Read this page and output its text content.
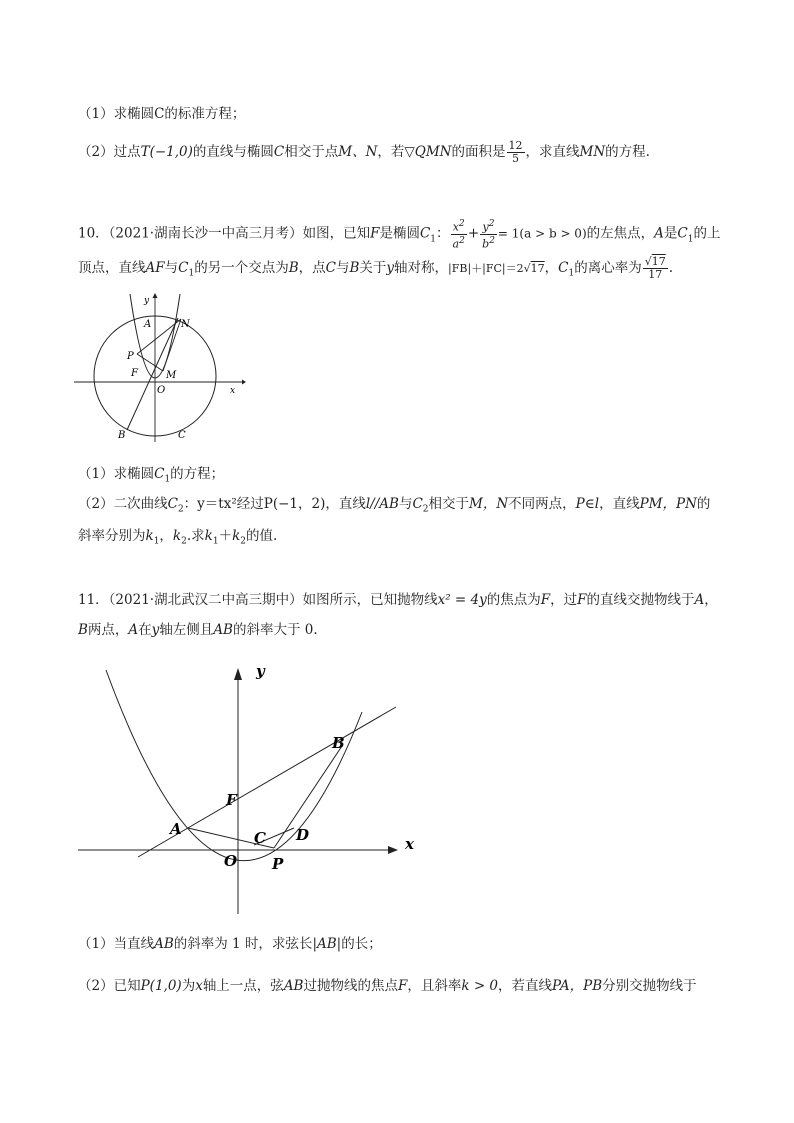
（1）求椭圆C的标准方程；
（2）过点T(−1,0)的直线与椭圆C相交于点M、N，若▽QMN的面积是 $\frac{12}{5}$ ，求直线MN的方程.
10．（2021·湖南长沙一中高三月考）如图，已知F是椭圆$C_1$： $\frac{x^2}{a^2} + \frac{y^2}{b^2} = 1(a > b > 0)$的左焦点，A是$C_1$的上
顶点，直线AF与$C_1$的另一个交点为B，点C与B关于y轴对称，|FB|＋|FC|＝2√17，$C_1$的离心率为 $\frac{√17}{17}$ .
y
x
A	N
P
F	M
O
B	C
（1）求椭圆$C_1$的方程；
（2）二次曲线$C_2$：y＝tx²经过P(−1，2)，直线l//AB与$C_2$相交于M，N不同两点，P∈l，直线PM，PN的
斜率分别为$k_1$，$k_2$.求$k_1+k_2$的值.
11．（2021·湖北武汉二中高三期中）如图所示，已知抛物线x² = 4y的焦点为F，过F的直线交抛物线于A，
B两点，A在y轴左侧且AB的斜率大于 0.
y
x
B
F
A	C D
O P
（1）当直线AB的斜率为 1 时，求弦长|AB|的长；
（2）已知P(1,0)为x轴上一点，弦AB过抛物线的焦点F，且斜率k > 0，若直线PA，PB分别交抛物线于
